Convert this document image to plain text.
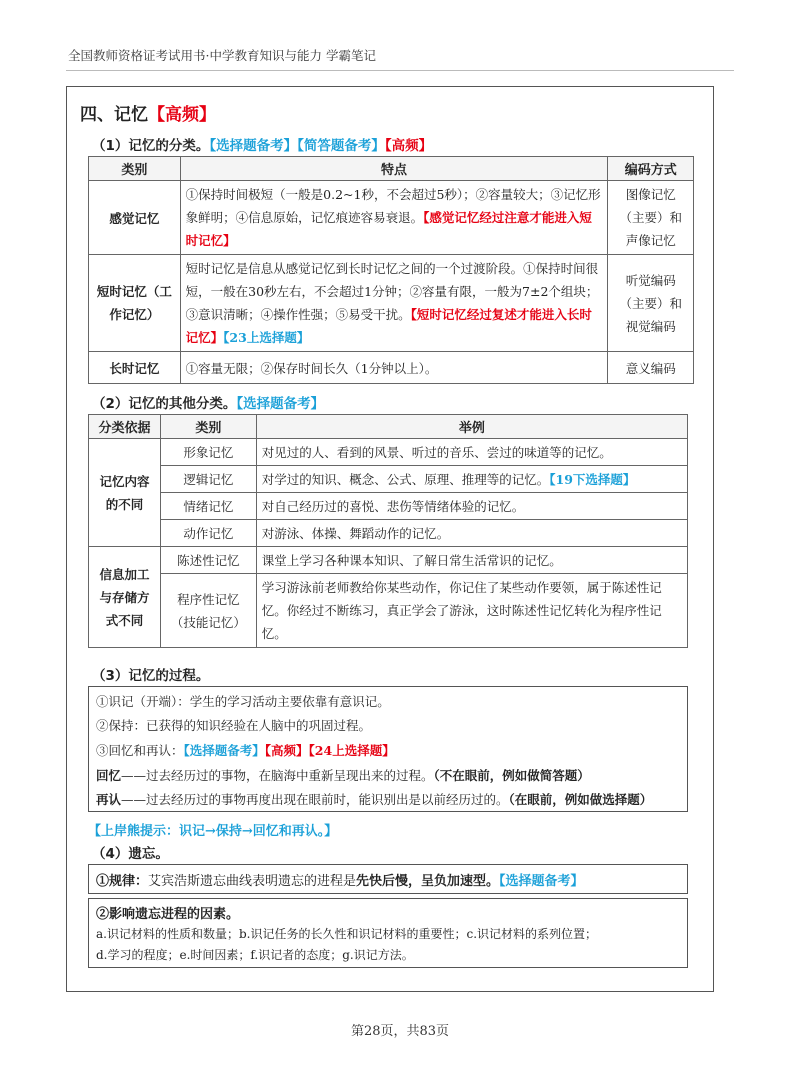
全国教师资格证考试用书·中学教育知识与能力 学霸笔记
四、记忆【高频】
（1）记忆的分类。【选择题备考】【简答题备考】【高频】
类别	特点	编码方式
感觉记忆	①保持时间极短（一般是0.2~1秒，不会超过5秒）；②容量较大；③记忆形象鲜明；④信息原始，记忆痕迹容易衰退。【感觉记忆经过注意才能进入短时记忆】	图像记忆（主要）和声像记忆
短时记忆（工作记忆）	短时记忆是信息从感觉记忆到长时记忆之间的一个过渡阶段。①保持时间很短，一般在30秒左右，不会超过1分钟；②容量有限，一般为7±2个组块；③意识清晰；④操作性强；⑤易受干扰。【短时记忆经过复述才能进入长时记忆】【23上选择题】	听觉编码（主要）和视觉编码
长时记忆	①容量无限；②保存时间长久（1分钟以上）。	意义编码
（2）记忆的其他分类。【选择题备考】
分类依据	类别	举例
记忆内容的不同	形象记忆	对见过的人、看到的风景、听过的音乐、尝过的味道等的记忆。
	逻辑记忆	对学过的知识、概念、公式、原理、推理等的记忆。【19下选择题】
	情绪记忆	对自己经历过的喜悦、悲伤等情绪体验的记忆。
	动作记忆	对游泳、体操、舞蹈动作的记忆。
信息加工与存储方式不同	陈述性记忆	课堂上学习各种课本知识、了解日常生活常识的记忆。
	程序性记忆（技能记忆）	学习游泳前老师教给你某些动作，你记住了某些动作要领，属于陈述性记忆。你经过不断练习，真正学会了游泳，这时陈述性记忆转化为程序性记忆。
（3）记忆的过程。
①识记（开端）：学生的学习活动主要依靠有意识记。
②保持：已获得的知识经验在人脑中的巩固过程。
③回忆和再认：【选择题备考】【高频】【24上选择题】
回忆——过去经历过的事物，在脑海中重新呈现出来的过程。（不在眼前，例如做简答题）
再认——过去经历过的事物再度出现在眼前时，能识别出是以前经历过的。（在眼前，例如做选择题）
【上岸熊提示：识记→保持→回忆和再认。】
（4）遗忘。
①规律：艾宾浩斯遗忘曲线表明遗忘的进程是先快后慢，呈负加速型。【选择题备考】
②影响遗忘进程的因素。
a.识记材料的性质和数量；b.识记任务的长久性和识记材料的重要性；c.识记材料的系列位置；
d.学习的程度；e.时间因素；f.识记者的态度；g.识记方法。
第28页，共83页
